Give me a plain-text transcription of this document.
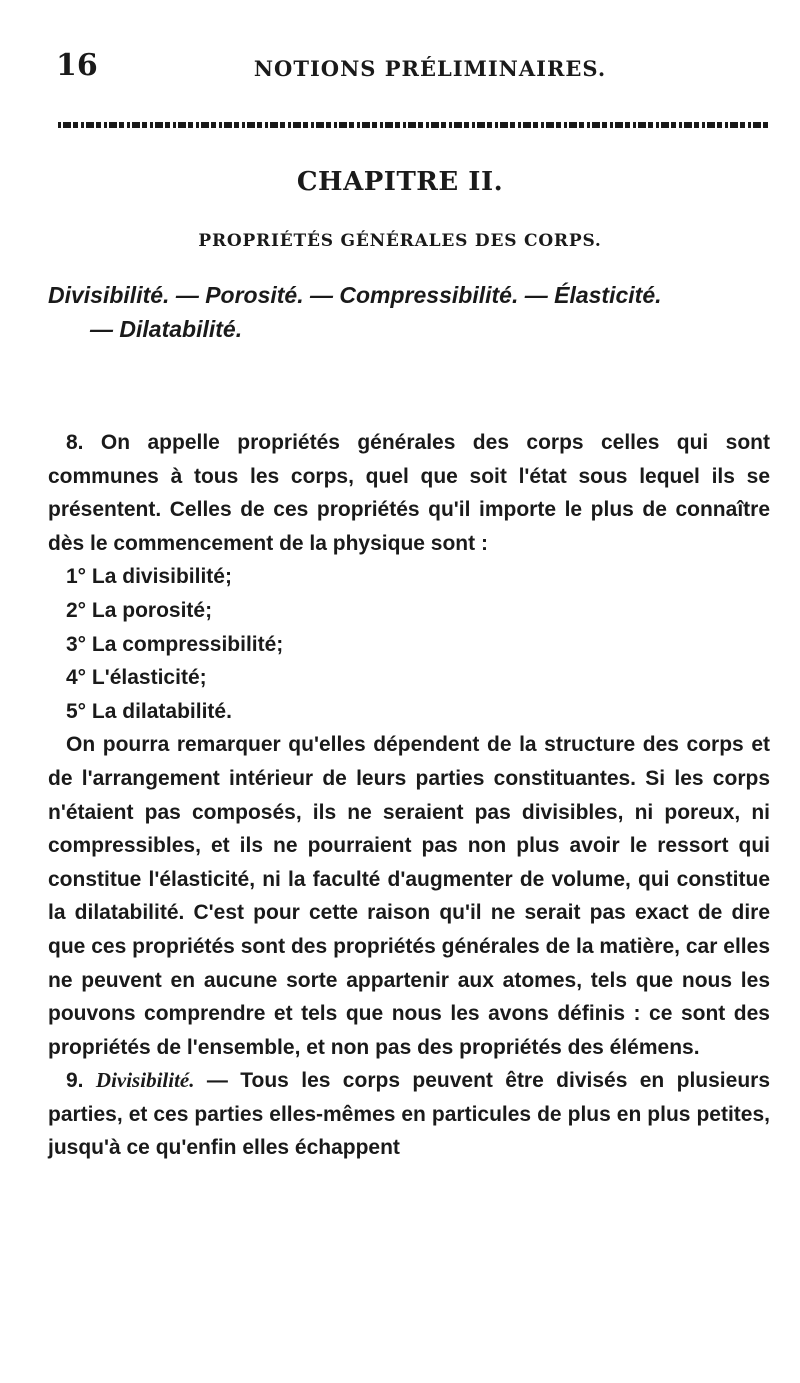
16	NOTIONS PRÉLIMINAIRES.
CHAPITRE II.
PROPRIÉTÉS GÉNÉRALES DES CORPS.
Divisibilité. — Porosité. — Compressibilité. — Élasticité.
— Dilatabilité.

8. On appelle propriétés générales des corps celles qui sont communes à tous les corps, quel que soit l'état sous lequel ils se présentent. Celles de ces propriétés qu'il importe le plus de connaître dès le commencement de la physique sont :

1° La divisibilité;
2° La porosité;
3° La compressibilité;
4° L'élasticité;
5° La dilatabilité.

On pourra remarquer qu'elles dépendent de la structure des corps et de l'arrangement intérieur de leurs parties constituantes. Si les corps n'étaient pas composés, ils ne seraient pas divisibles, ni poreux, ni compressibles, et ils ne pourraient pas non plus avoir le ressort qui constitue l'élasticité, ni la faculté d'augmenter de volume, qui constitue la dilatabilité. C'est pour cette raison qu'il ne serait pas exact de dire que ces propriétés sont des propriétés générales de la matière, car elles ne peuvent en aucune sorte appartenir aux atomes, tels que nous les pouvons comprendre et tels que nous les avons définis : ce sont des propriétés de l'ensemble, et non pas des propriétés des élémens.

9. Divisibilité. — Tous les corps peuvent être divisés en plusieurs parties, et ces parties elles-mêmes en particules de plus en plus petites, jusqu'à ce qu'enfin elles échappent
